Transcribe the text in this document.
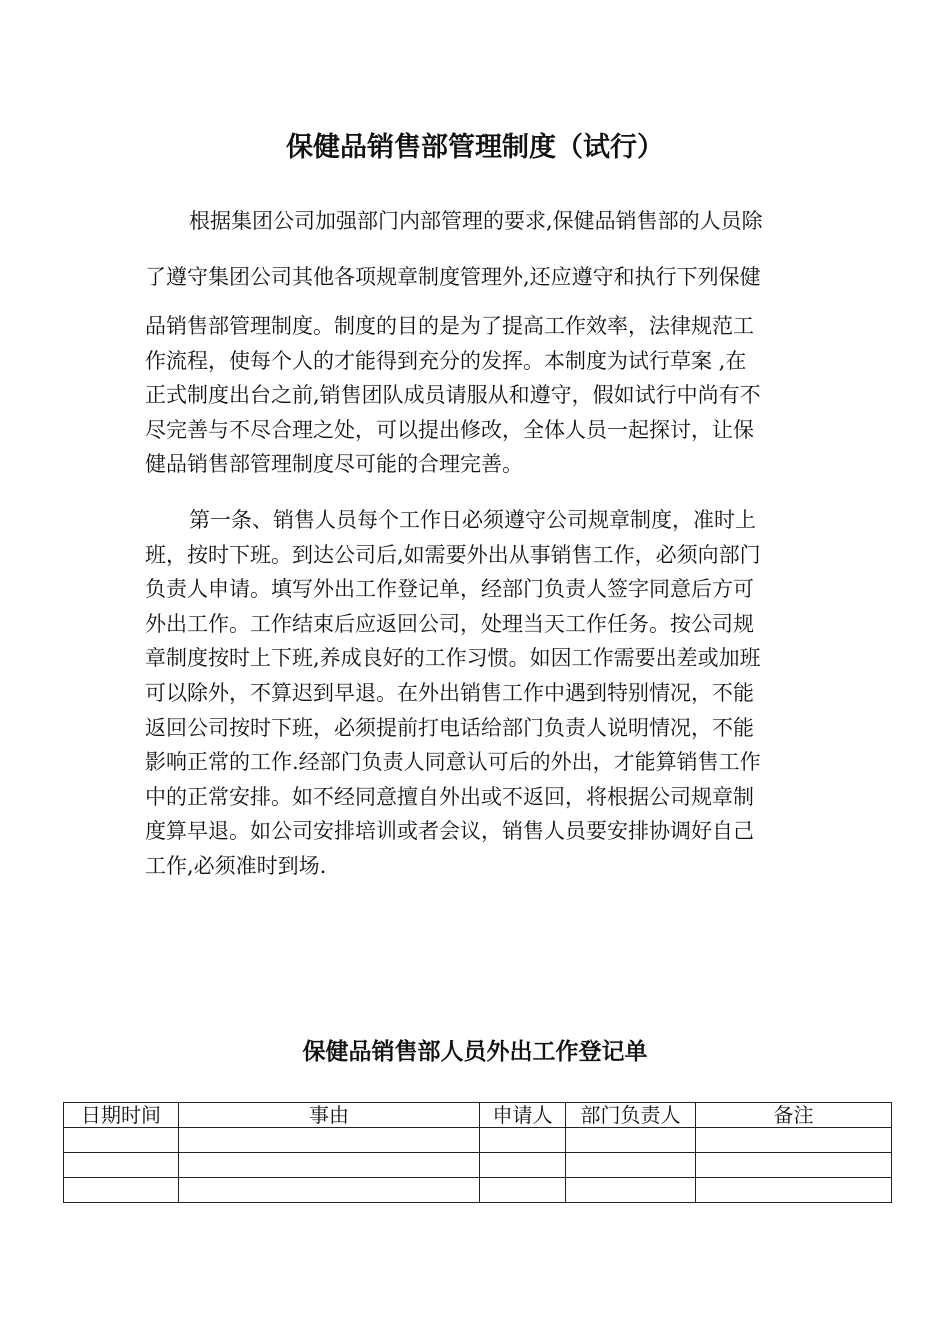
保健品销售部管理制度（试行）

根据集团公司加强部门内部管理的要求,保健品销售部的人员除

了遵守集团公司其他各项规章制度管理外,还应遵守和执行下列保健

品销售部管理制度。制度的目的是为了提高工作效率，法律规范工
作流程，使每个人的才能得到充分的发挥。本制度为试行草案 ,在
正式制度出台之前,销售团队成员请服从和遵守，假如试行中尚有不
尽完善与不尽合理之处，可以提出修改，全体人员一起探讨，让保
健品销售部管理制度尽可能的合理完善。
第一条、销售人员每个工作日必须遵守公司规章制度，准时上
班，按时下班。到达公司后,如需要外出从事销售工作，必须向部门
负责人申请。填写外出工作登记单，经部门负责人签字同意后方可
外出工作。工作结束后应返回公司，处理当天工作任务。按公司规
章制度按时上下班,养成良好的工作习惯。如因工作需要出差或加班
可以除外，不算迟到早退。在外出销售工作中遇到特别情况，不能
返回公司按时下班，必须提前打电话给部门负责人说明情况，不能
影响正常的工作.经部门负责人同意认可后的外出，才能算销售工作
中的正常安排。如不经同意擅自外出或不返回，将根据公司规章制
度算早退。如公司安排培训或者会议，销售人员要安排协调好自己
工作,必须准时到场.
保健品销售部人员外出工作登记单
日期时间	事由	申请人	部门负责人	备注
